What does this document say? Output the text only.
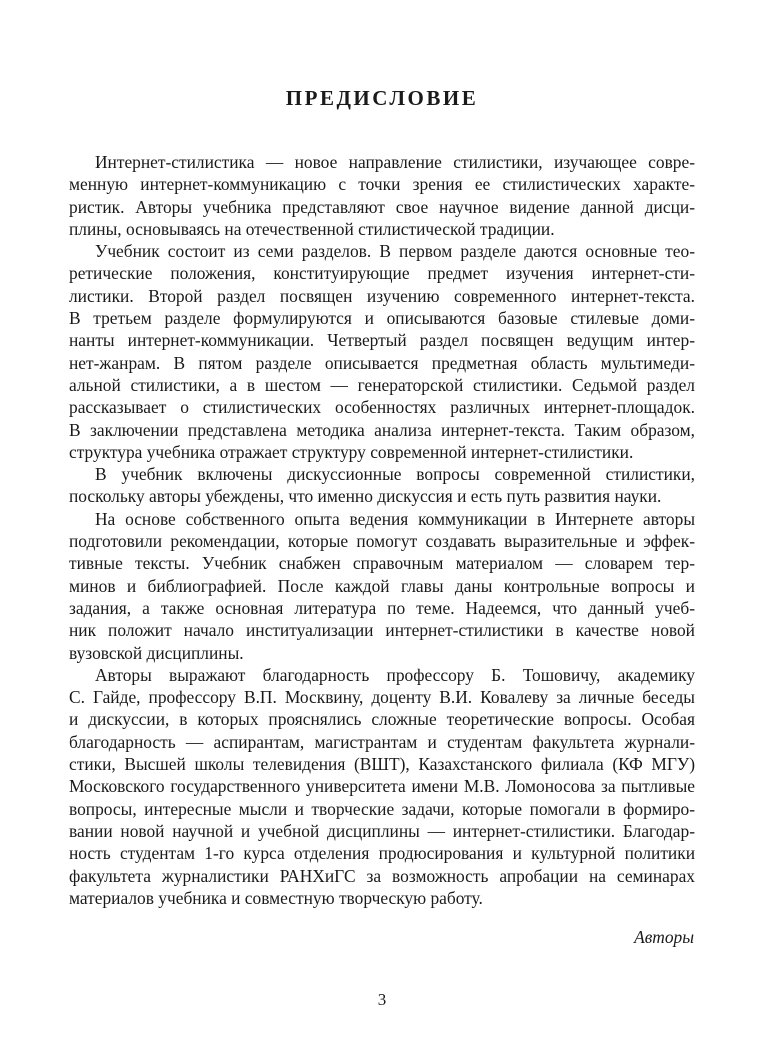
ПРЕДИСЛОВИЕ
Интернет-стилистика — новое направление стилистики, изучающее совре-
менную интернет-коммуникацию с точки зрения ее стилистических характе-
ристик. Авторы учебника представляют свое научное видение данной дисци-
плины, основываясь на отечественной стилистической традиции.
Учебник состоит из семи разделов. В первом разделе даются основные тео-
ретические положения, конституирующие предмет изучения интернет-сти-
листики. Второй раздел посвящен изучению современного интернет-текста.
В третьем разделе формулируются и описываются базовые стилевые доми-
нанты интернет-коммуникации. Четвертый раздел посвящен ведущим интер-
нет-жанрам. В пятом разделе описывается предметная область мультимеди-
альной стилистики, а в шестом — генераторской стилистики. Седьмой раздел
рассказывает о стилистических особенностях различных интернет-площадок.
В заключении представлена методика анализа интернет-текста. Таким образом,
структура учебника отражает структуру современной интернет-стилистики.
В учебник включены дискуссионные вопросы современной стилистики,
поскольку авторы убеждены, что именно дискуссия и есть путь развития науки.
На основе собственного опыта ведения коммуникации в Интернете авторы
подготовили рекомендации, которые помогут создавать выразительные и эффек-
тивные тексты. Учебник снабжен справочным материалом — словарем тер-
минов и библиографией. После каждой главы даны контрольные вопросы и
задания, а также основная литература по теме. Надеемся, что данный учеб-
ник положит начало институализации интернет-стилистики в качестве новой
вузовской дисциплины.
Авторы выражают благодарность профессору Б. Тошовичу, академику
С. Гайде, профессору В.П. Москвину, доценту В.И. Ковалеву за личные беседы
и дискуссии, в которых прояснялись сложные теоретические вопросы. Особая
благодарность — аспирантам, магистрантам и студентам факультета журнали-
стики, Высшей школы телевидения (ВШТ), Казахстанского филиала (КФ МГУ)
Московского государственного университета имени М.В. Ломоносова за пытливые
вопросы, интересные мысли и творческие задачи, которые помогали в формиро-
вании новой научной и учебной дисциплины — интернет-стилистики. Благодар-
ность студентам 1-го курса отделения продюсирования и культурной политики
факультета журналистики РАНХиГС за возможность апробации на семинарах
материалов учебника и совместную творческую работу.
Авторы
3
